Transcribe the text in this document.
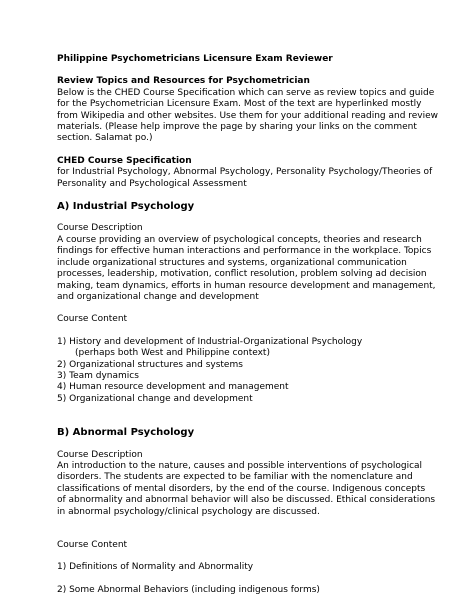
Philippine Psychometricians Licensure Exam Reviewer
Review Topics and Resources for Psychometrician
Below is the CHED Course Specification which can serve as review topics and guide
for the Psychometrician Licensure Exam. Most of the text are hyperlinked mostly
from Wikipedia and other websites. Use them for your additional reading and review
materials. (Please help improve the page by sharing your links on the comment
section. Salamat po.)
CHED Course Specification
for Industrial Psychology, Abnormal Psychology, Personality Psychology/Theories of
Personality and Psychological Assessment
A) Industrial Psychology
Course Description
A course providing an overview of psychological concepts, theories and research
findings for effective human interactions and performance in the workplace. Topics
include organizational structures and systems, organizational communication
processes, leadership, motivation, conflict resolution, problem solving ad decision
making, team dynamics, efforts in human resource development and management,
and organizational change and development
Course Content
1) History and development of Industrial-Organizational Psychology
(perhaps both West and Philippine context)
2) Organizational structures and systems
3) Team dynamics
4) Human resource development and management
5) Organizational change and development
B) Abnormal Psychology
Course Description
An introduction to the nature, causes and possible interventions of psychological
disorders. The students are expected to be familiar with the nomenclature and
classifications of mental disorders, by the end of the course. Indigenous concepts
of abnormality and abnormal behavior will also be discussed. Ethical considerations
in abnormal psychology/clinical psychology are discussed.
Course Content
1) Definitions of Normality and Abnormality
2) Some Abnormal Behaviors (including indigenous forms)
